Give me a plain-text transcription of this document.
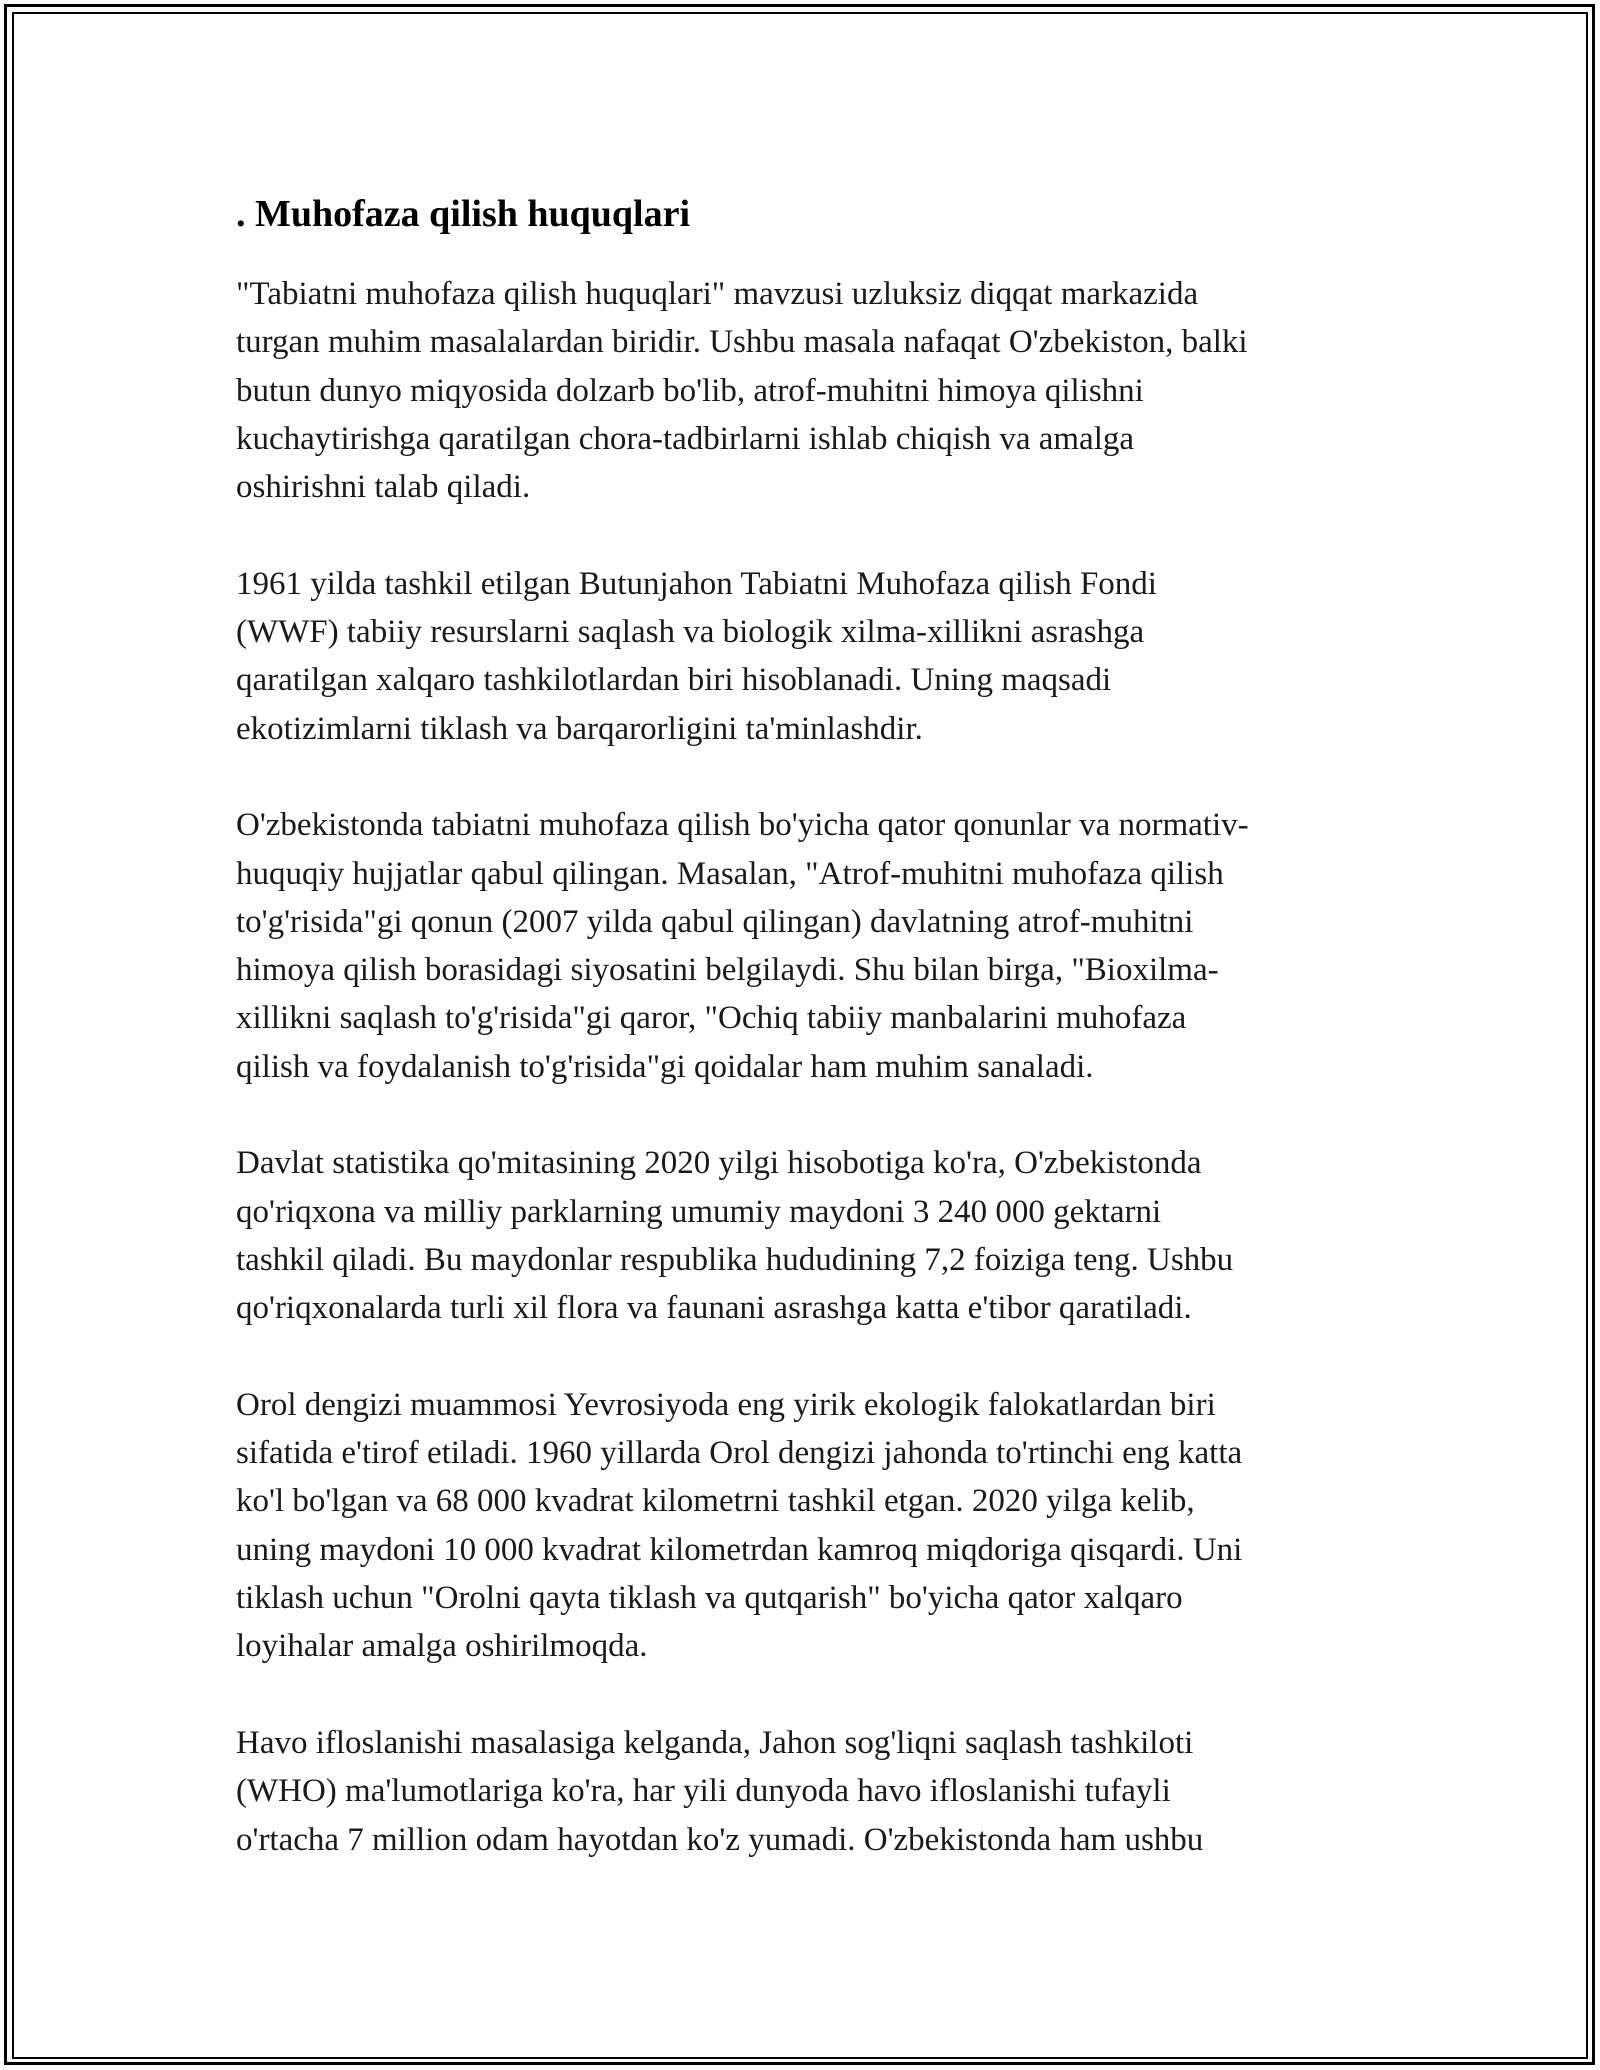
. Muhofaza qilish huquqlari

"Tabiatni muhofaza qilish huquqlari" mavzusi uzluksiz diqqat markazida
turgan muhim masalalardan biridir. Ushbu masala nafaqat O'zbekiston, balki
butun dunyo miqyosida dolzarb bo'lib, atrof-muhitni himoya qilishni
kuchaytirishga qaratilgan chora-tadbirlarni ishlab chiqish va amalga
oshirishni talab qiladi.

1961 yilda tashkil etilgan Butunjahon Tabiatni Muhofaza qilish Fondi
(WWF) tabiiy resurslarni saqlash va biologik xilma-xillikni asrashga
qaratilgan xalqaro tashkilotlardan biri hisoblanadi. Uning maqsadi
ekotizimlarni tiklash va barqarorligini ta'minlashdir.

O'zbekistonda tabiatni muhofaza qilish bo'yicha qator qonunlar va normativ-
huquqiy hujjatlar qabul qilingan. Masalan, "Atrof-muhitni muhofaza qilish
to'g'risida"gi qonun (2007 yilda qabul qilingan) davlatning atrof-muhitni
himoya qilish borasidagi siyosatini belgilaydi. Shu bilan birga, "Bioxilma-
xillikni saqlash to'g'risida"gi qaror, "Ochiq tabiiy manbalarini muhofaza
qilish va foydalanish to'g'risida"gi qoidalar ham muhim sanaladi.

Davlat statistika qo'mitasining 2020 yilgi hisobotiga ko'ra, O'zbekistonda
qo'riqxona va milliy parklarning umumiy maydoni 3 240 000 gektarni
tashkil qiladi. Bu maydonlar respublika hududining 7,2 foiziga teng. Ushbu
qo'riqxonalarda turli xil flora va faunani asrashga katta e'tibor qaratiladi.

Orol dengizi muammosi Yevrosiyoda eng yirik ekologik falokatlardan biri
sifatida e'tirof etiladi. 1960 yillarda Orol dengizi jahonda to'rtinchi eng katta
ko'l bo'lgan va 68 000 kvadrat kilometrni tashkil etgan. 2020 yilga kelib,
uning maydoni 10 000 kvadrat kilometrdan kamroq miqdoriga qisqardi. Uni
tiklash uchun "Orolni qayta tiklash va qutqarish" bo'yicha qator xalqaro
loyihalar amalga oshirilmoqda.

Havo ifloslanishi masalasiga kelganda, Jahon sog'liqni saqlash tashkiloti
(WHO) ma'lumotlariga ko'ra, har yili dunyoda havo ifloslanishi tufayli
o'rtacha 7 million odam hayotdan ko'z yumadi. O'zbekistonda ham ushbu
